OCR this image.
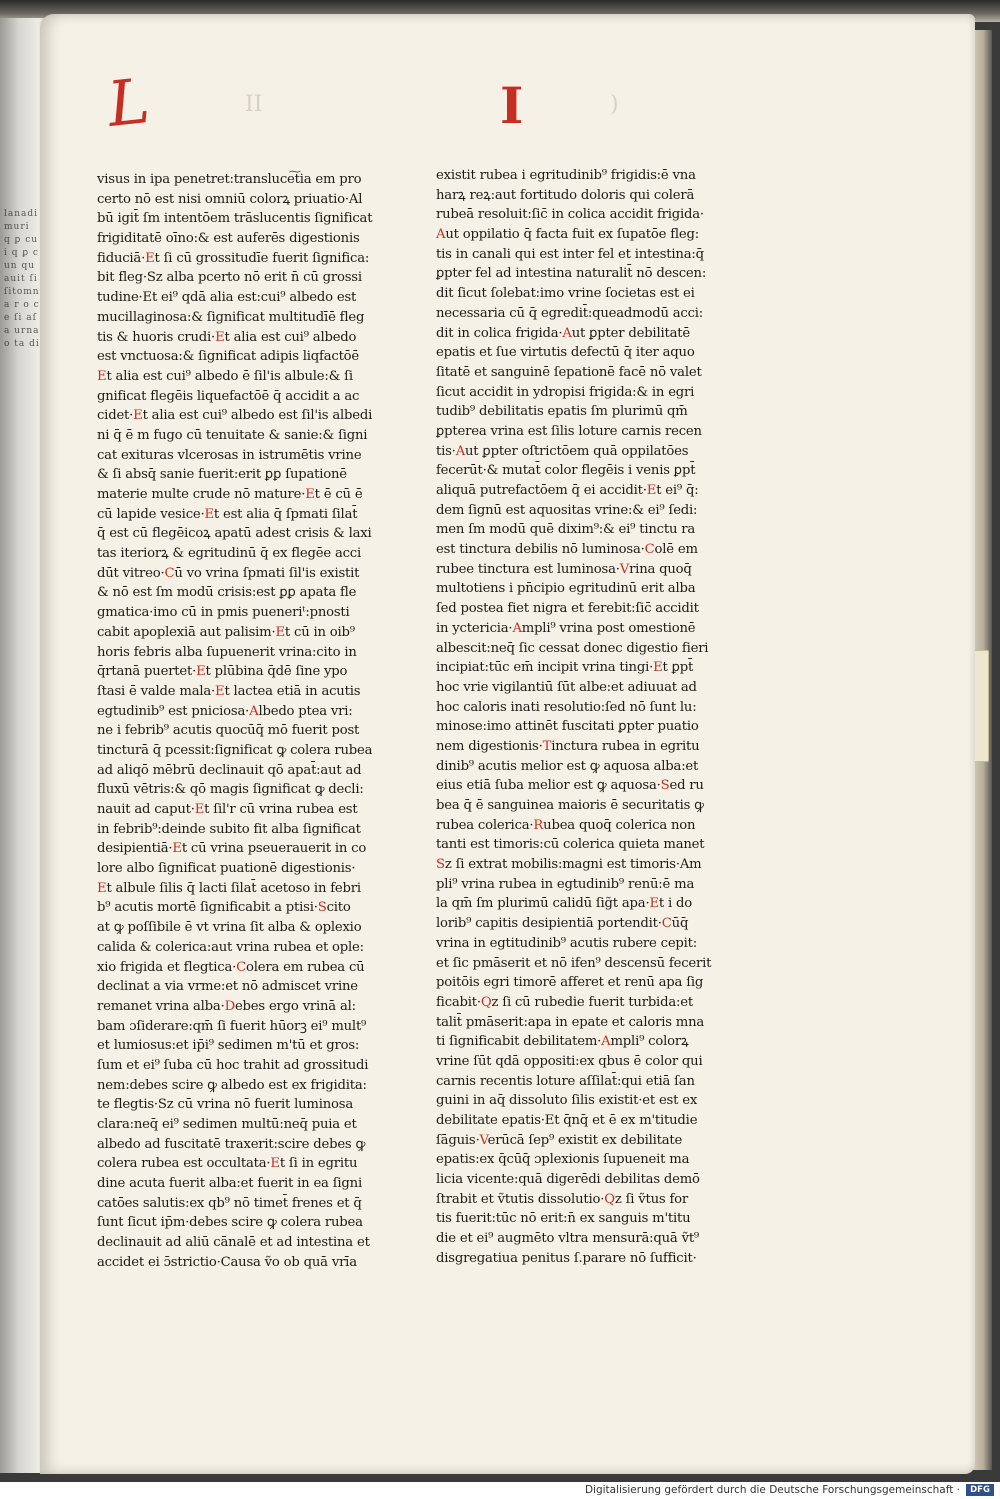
lanadi muri q ꝑ cui q ꝑ cun quauit ſi ſitomna r o c e ſi aſa urna o ta di
II	)
L	I
visus in ipa penetret:transluce͠tia em pro
certo nō est nisi omniū colorꝝ priuatio·Al
bū igit̄ ſm intentōem trāslucentis ſignificat
frigiditatē oīno:& est auferēs digestionis
fiduciā·Et ſi cū grossitudīe fuerit ſignifica:
bit fleg·Sz alba pcerto nō erit n̄ cū grossi
tudine·Et ei⁹ qdā alia est:cui⁹ albedo est
mucillaginosa:& ſignificat multitudīē fleg
tis & huoris crudi·Et alia est cui⁹ albedo
est vnctuosa:& ſignificat adipis liqfactōē
Et alia est cui⁹ albedo ē ſil'is albule:& ſi
gnificat flegēis liquefactōē q̄ accidit a ac
cidet·Et alia est cui⁹ albedo est ſil'is albedi
ni q̄ ē m fugo cū tenuitate & sanie:& ſigni
cat exituras vlcerosas in istrumētis vrine
& ſi absq̄ sanie fuerit:erit ꝑꝑ ſupationē
materie multe crude nō mature·Et ē cū ē
cū lapide vesice·Et est alia q̄ ſpmati ſilat̄
q̄ est cū flegēicoꝝ apatū adest crisis & laxi
tas iteriorꝝ & egritudinū q̄ ex flegēe acci
dūt vitreo·Cū vo vrina ſpmati ſil'is existit
& nō est ſm modū crisis:est ꝑꝑ apata fle
gmatica·imo cū in pmis pueneriᵗ:pnosti
cabit apoplexiā aut palisim·Et cū in oib⁹
horis febris alba ſupuenerit vrina:cito in
q̄rtanā puertet·Et plūbina q̄dē ſine ypo
ſtasi ē valde mala·Et lactea etiā in acutis
egtudinib⁹ est pniciosa·Albedo ptea vri:
ne i febrib⁹ acutis quocūq̄ mō fuerit post
tincturā q̄ pcessit:ſignificat ꝙ colera rubea
ad aliqō mēbrū declinauit qō apat̄:aut ad
fluxū vētris:& qō magis ſignificat ꝙ decli:
nauit ad caput·Et ſil'r cū vrina rubea est
in febrib⁹:deinde subito fit alba ſignificat
desipientiā·Et cū vrina pseuerauerit in co
lore albo ſignificat puationē digestionis·
Et albule ſilis q̄ lacti ſilat̄ acetoso in febri
b⁹ acutis mortē ſignificabit a ptisi·Scito
at ꝙ poſſibile ē vt vrina ſit alba & oplexio
calida & colerica:aut vrina rubea et ople:
xio frigida et flegtica·Colera em rubea cū
declinat a via vrme:et nō admiscet vrine
remanet vrina alba·Debes ergo vrinā al:
bam ɔſiderare:qm̄ ſi fuerit hūorꝫ ei⁹ mult⁹
et lumiosus:et ip̄i⁹ sedimen m'tū et gros:
ſum et ei⁹ ſuba cū hoc trahit ad grossitudi
nem:debes scire ꝙ albedo est ex frigidita:
te flegtis·Sz cū vrina nō fuerit luminosa
clara:neq̄ ei⁹ sedimen multū:neq̄ puia et
albedo ad fuscitatē traxerit:scire debes ꝙ
colera rubea est occultata·Et ſi in egritu
dine acuta fuerit alba:et fuerit in ea ſigni
catōes salutis:ex qb⁹ nō timet̄ frenes et q̄
ſunt ſicut ip̄m·debes scire ꝙ colera rubea
declinauit ad aliū cānalē et ad intestina et
accidet ei ɔ̄strictio·Causa ṽo ob quā vrīa
existit rubea i egritudinib⁹ frigidis:ē vna
harꝝ reꝝ:aut fortitudo doloris qui colerā
rubeā resoluit:ſic̄ in colica accidit frigida·
Aut oppilatio q̄ facta fuit ex ſupatōe fleg:
tis in canali qui est inter fel et intestina:q̄
ꝑpter fel ad intestina naturalit̄ nō descen:
dit ſicut ſolebat:imo vrine ſocietas est ei
necessaria cū q̄ egredit̄:queadmodū acci:
dit in colica frigida·Aut ꝑpter debilitatē
epatis et ſue virtutis defectū q̄ iter aquo
ſitatē et sanguinē ſepationē facē nō valet
ſicut accidit in ydropisi frigida:& in egri
tudib⁹ debilitatis epatis ſm plurimū qm̄
ꝑpterea vrina est ſilis loture carnis recen
tis·Aut ꝑpter oſtrictōem quā oppilatōes
fecerūt·& mutat̄ color flegēis i venis ꝑpt̄
aliquā putrefactōem q̄ ei accidit·Et ei⁹ q̄:
dem ſignū est aquositas vrine:& ei⁹ ſedi:
men ſm modū quē dixim⁹:& ei⁹ tinctu ra
est tinctura debilis nō luminosa·Colē em
rubee tinctura est luminosa·Vrina quoq̄
multotiens i pn̄cipio egritudinū erit alba
ſed postea fiet nigra et ferebit:ſic̄ accidit
in yctericia·Ampli⁹ vrina post omestionē
albescit:neq̄ ſic cessat donec digestio fieri
incipiat:tūc em̄ incipit vrina tingi·Et ꝑpt̄
hoc vrie vigilantiū ſūt albe:et adiuuat ad
hoc caloris inati resolutio:ſed nō ſunt lu:
minose:imo attinēt fuscitati ꝑpter puatio
nem digestionis·Tinctura rubea in egritu
dinib⁹ acutis melior est ꝙ aquosa alba:et
eius etiā ſuba melior est ꝙ aquosa·Sed ru
bea q̄ ē sanguinea maioris ē securitatis ꝙ
rubea colerica·Rubea quoq̄ colerica non
tanti est timoris:cū colerica quieta manet
Sz ſi extrat mobilis:magni est timoris·Am
pli⁹ vrina rubea in egtudinib⁹ renū:ē ma
la qm̄ ſm plurimū calidū ſig̃t apa·Et i do
lorib⁹ capitis desipientiā portendit·Cūq̄
vrina in egtitudinib⁹ acutis rubere cepit:
et ſic pmāserit et nō ifen⁹ descensū fecerit
poitōis egri timorē afferet et renū apa ſig
ficabit·Qz ſi cū rubedie fuerit turbida:et
talit̄ pmāserit:apa in epate et caloris mna
ti ſignificabit debilitatem·Ampli⁹ colorꝝ
vrine ſūt qdā oppositi:ex qbus ē color qui
carnis recentis loture aſſilat̄:qui etiā ſan
guini in aq̄ dissoluto ſilis existit·et est ex
debilitate epatis·Et q̄nq̄ et ē ex m'titudie
ſāguis·Verūcā ſep⁹ existit ex debilitate
epatis:ex q̄cūq̄ ɔplexionis ſupueneit ma
licia vicente:quā digerēdi debilitas demō
ſtrabit et ṽtutis dissolutio·Qz ſi ṽtus for
tis fuerit:tūc nō erit:n̄ ex sanguis m'titu
die et ei⁹ augmēto vltra mensurā:quā ṽt⁹
disgregatiua penitus ſ.parare nō ſufficit·
Digitalisierung gefördert durch die Deutsche Forschungsgemeinschaft ·	DFG
